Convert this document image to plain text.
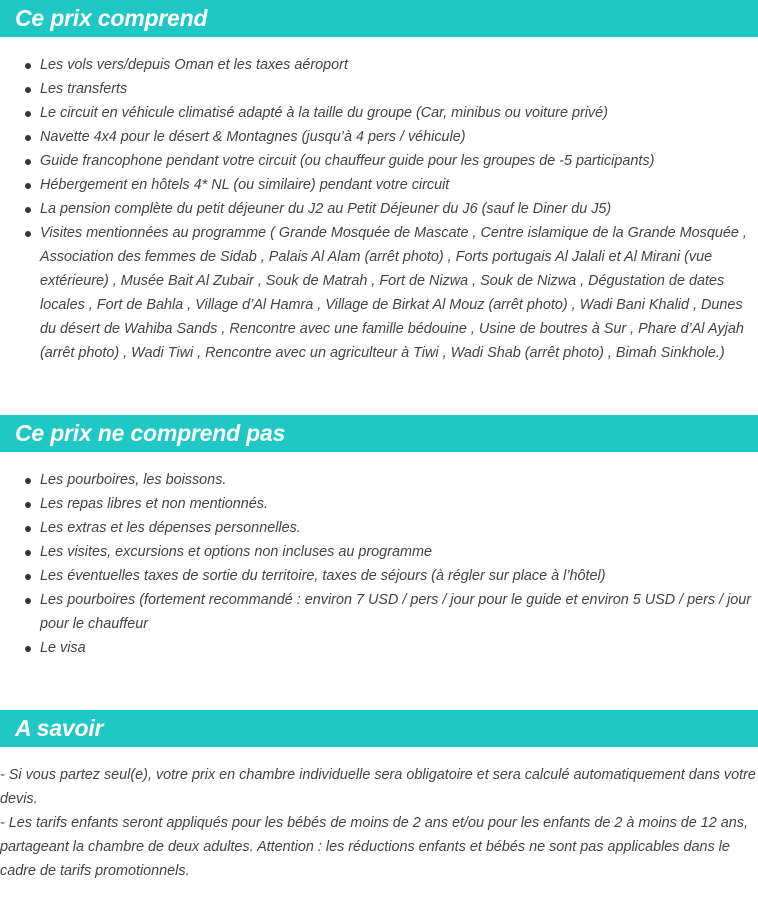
Ce prix comprend
Les vols vers/depuis Oman et les taxes aéroport
Les transferts
Le circuit en véhicule climatisé adapté à la taille du groupe (Car, minibus ou voiture privé)
Navette 4x4 pour le désert & Montagnes (jusqu’à 4 pers / véhicule)
Guide francophone pendant votre circuit (ou chauffeur guide pour les groupes de -5 participants)
Hébergement en hôtels 4* NL (ou similaire) pendant votre circuit
La pension complète du petit déjeuner du J2 au Petit Déjeuner du J6 (sauf le Diner du J5)
Visites mentionnées au programme ( Grande Mosquée de Mascate , Centre islamique de la Grande Mosquée , Association des femmes de Sidab , Palais Al Alam (arrêt photo) , Forts portugais Al Jalali et Al Mirani (vue extérieure) , Musée Bait Al Zubair , Souk de Matrah , Fort de Nizwa , Souk de Nizwa , Dégustation de dates locales , Fort de Bahla , Village d’Al Hamra , Village de Birkat Al Mouz (arrêt photo) , Wadi Bani Khalid , Dunes du désert de Wahiba Sands , Rencontre avec une famille bédouine , Usine de boutres à Sur , Phare d’Al Ayjah (arrêt photo) , Wadi Tiwi , Rencontre avec un agriculteur à Tiwi , Wadi Shab (arrêt photo) , Bimah Sinkhole.)
Ce prix ne comprend pas
Les pourboires, les boissons.
Les repas libres et non mentionnés.
Les extras et les dépenses personnelles.
Les visites, excursions et options non incluses au programme
Les éventuelles taxes de sortie du territoire, taxes de séjours (à régler sur place à l’hôtel)
Les pourboires (fortement recommandé : environ 7 USD / pers / jour pour le guide et environ 5 USD / pers / jour pour le chauffeur
Le visa
A savoir

- Si vous partez seul(e), votre prix en chambre individuelle sera obligatoire et sera calculé automatiquement dans votre devis.

- Les tarifs enfants seront appliqués pour les bébés de moins de 2 ans et/ou pour les enfants de 2 à moins de 12 ans, partageant la chambre de deux adultes. Attention : les réductions enfants et bébés ne sont pas applicables dans le cadre de tarifs promotionnels.
